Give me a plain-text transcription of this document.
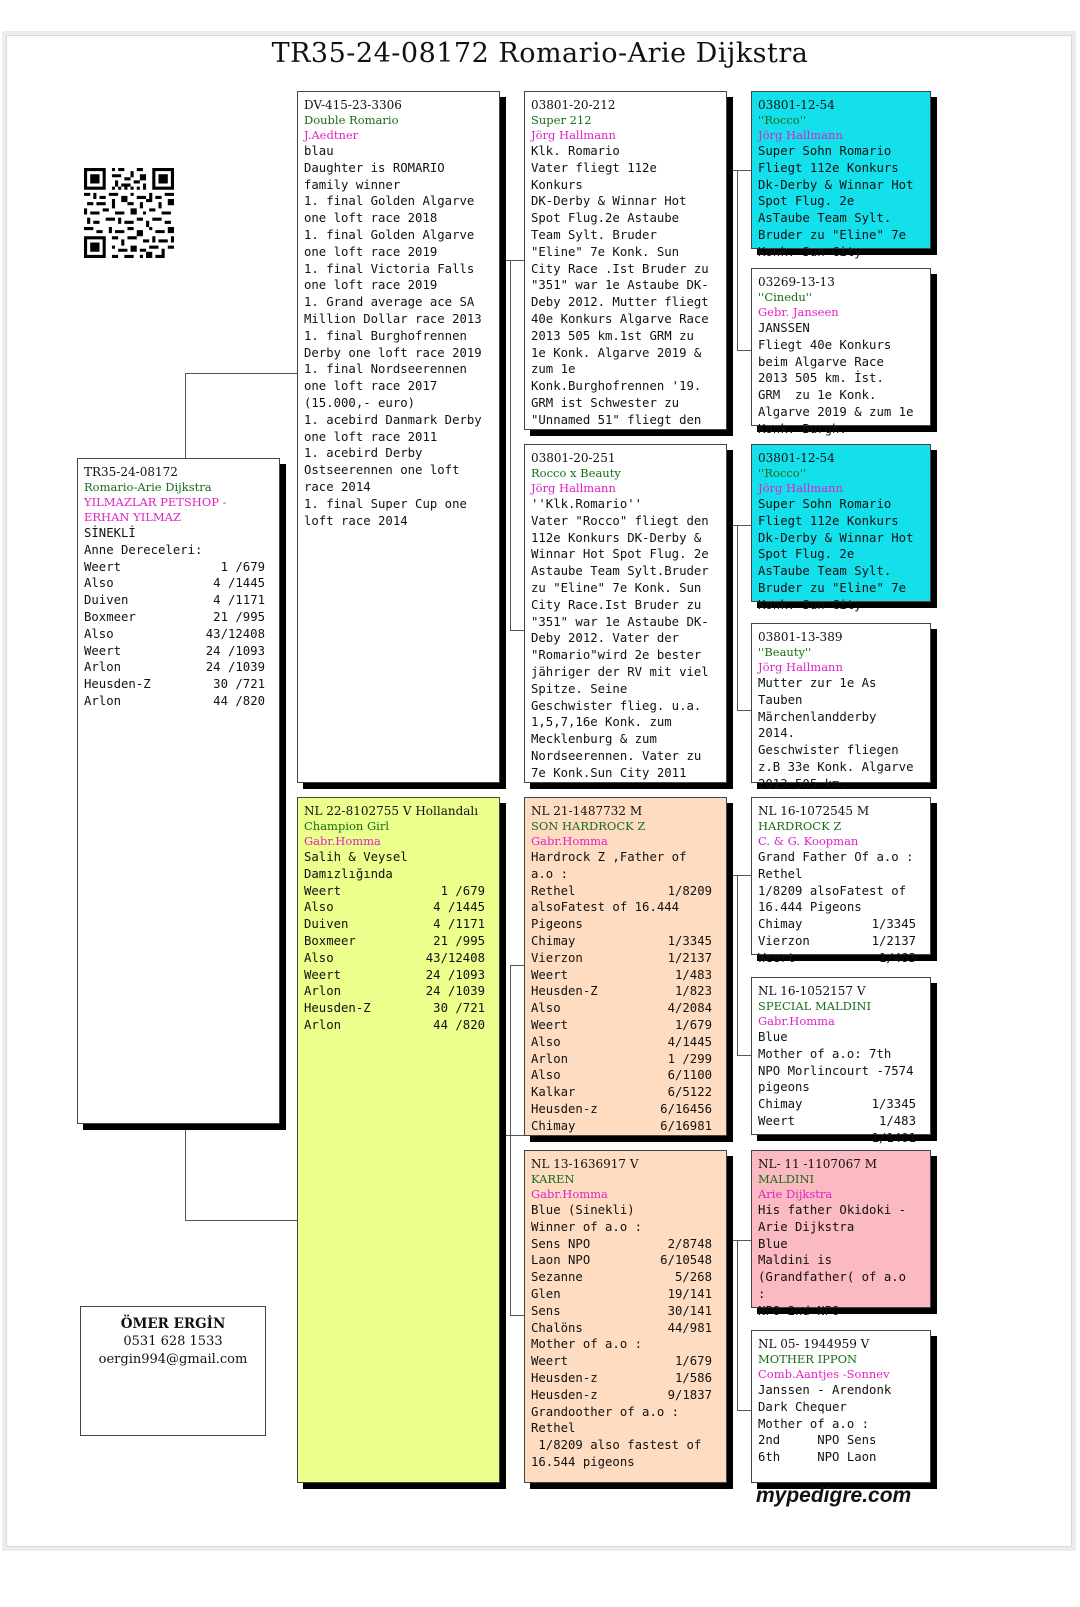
TR35-24-08172 Romario-Arie Dijkstra
TR35-24-08172
Romario-Arie Dijkstra
YILMAZLAR PETSHOP - ERHAN YILMAZ
SİNEKLİ
Anne Dereceleri:
Weert	1 /679
Also	4 /1445
Duiven	4 /1171
Boxmeer	21 /995
Also	43/12408
Weert	24 /1093
Arlon	24 /1039
Heusden-Z	30 /721
Arlon	44 /820
ÖMER ERGİN
0531 628 1533
oergin994@gmail.com
DV-415-23-3306
Double Romario
J.Aedtner
blau
Daughter is ROMARIO
family winner
1. final Golden Algarve
one loft race 2018
1. final Golden Algarve
one loft race 2019
1. final Victoria Falls
one loft race 2019
1. Grand average ace SA
Million Dollar race 2013
1. final Burghofrennen
Derby one loft race 2019
1. final Nordseerennen
one loft race 2017
(15.000,- euro)
1. acebird Danmark Derby
one loft race 2011
1. acebird Derby
Ostseerennen one loft
race 2014
1. final Super Cup one
loft race 2014
NL 22-8102755 V Hollandalı
Champion Girl
Gabr.Homma
Salih & Veysel
Damızlığında
Weert	1 /679
Also	4 /1445
Duiven	4 /1171
Boxmeer	21 /995
Also	43/12408
Weert	24 /1093
Arlon	24 /1039
Heusden-Z	30 /721
Arlon	44 /820
03801-20-212
Super 212
Jörg Hallmann
Klk. Romario
Vater fliegt 112e
Konkurs
DK-Derby & Winnar Hot
Spot Flug.2e Astaube
Team Sylt. Bruder
"Eline" 7e Konk. Sun
City Race .Ist Bruder zu
"351" war 1e Astaube DK-
Deby 2012. Mutter fliegt
40e Konkurs Algarve Race
2013 505 km.1st GRM zu
1e Konk. Algarve 2019 &
zum 1e
Konk.Burghofrennen '19.
GRM ist Schwester zu
"Unnamed 51" fliegt den
03801-20-251
Rocco x Beauty
Jörg Hallmann
''Klk.Romario''
Vater "Rocco" fliegt den
112e Konkurs DK-Derby &
Winnar Hot Spot Flug. 2e
Astaube Team Sylt.Bruder
zu "Eline" 7e Konk. Sun
City Race.Ist Bruder zu
"351" war 1e Astaube DK-
Deby 2012. Vater der
"Romario"wird 2e bester
jähriger der RV mit viel
Spitze. Seine
Geschwister flieg. u.a.
1,5,7,16e Konk. zum
Mecklenburg & zum
Nordseerennen. Vater zu
7e Konk.Sun City 2011
NL 21-1487732 M
SON HARDROCK Z
Gabr.Homma
Hardrock Z ,Father of
a.o :
Rethel	1/8209
alsoFatest of 16.444
Pigeons
Chimay	1/3345
Vierzon	1/2137
Weert	1/483
Heusden-Z	1/823
Also	4/2084
Weert	1/679
Also	4/1445
Arlon	1 /299
Also	6/1100
Kalkar	6/5122
Heusden-z	6/16456
Chimay	6/16981
NL 13-1636917 V
KAREN
Gabr.Homma
Blue (Sinekli)
Winner of a.o :
Sens NPO	2/8748
Laon NPO	6/10548
Sezanne	5/268
Glen	19/141
Sens	30/141
Chalöns	44/981
Mother of a.o :
Weert	1/679
Heusden-z	1/586
Heusden-z	9/1837
Grandoother of a.o :
Rethel
1/8209 also fastest of
16.544 pigeons
03801-12-54
''Rocco''
Jörg Hallmann
Super Sohn Romario
Fliegt 112e Konkurs
Dk-Derby & Winnar Hot
Spot Flug. 2e
AsTaube Team Sylt.
Bruder zu "Eline" 7e
Konk. Sun City
03269-13-13
''Cinedu''
Gebr. Janseen
JANSSEN
Fliegt 40e Konkurs
beim Algarve Race
2013 505 km. İst.
GRM  zu 1e Konk.
Algarve 2019 & zum 1e
Konk. Burgh.
03801-12-54
''Rocco''
Jörg Hallmann
Super Sohn Romario
Fliegt 112e Konkurs
Dk-Derby & Winnar Hot
Spot Flug. 2e
AsTaube Team Sylt.
Bruder zu "Eline" 7e
Konk. Sun City
03801-13-389
''Beauty''
Jörg Hallmann
Mutter zur 1e As
Tauben
Märchenlandderby
2014.
Geschwister fliegen
z.B 33e Konk. Algarve
2013 505 km.
NL 16-1072545 M
HARDROCK Z
C. & G. Koopman
Grand Father Of a.o :
Rethel
1/8209 alsoFatest of
16.444 Pigeons
Chimay	1/3345
Vierzon	1/2137
Weert	1/483
NL 16-1052157 V
SPECIAL MALDINI
Gabr.Homma
Blue
Mother of a.o: 7th
NPO Morlincourt -7574
pigeons
Chimay	1/3345
Weert	1/483
1/1401
NL- 11 -1107067 M
MALDINI
Arie Dijkstra
His father Okidoki -
Arie Dijkstra
Blue
Maldini is
(Grandfather( of a.o
:
NPO 2nd NPO
NL 05- 1944959 V
MOTHER IPPON
Comb.Aantjes -Sonnev
Janssen - Arendonk
Dark Chequer
Mother of a.o :
2nd     NPO Sens
6th     NPO Laon
mypedigre.com
